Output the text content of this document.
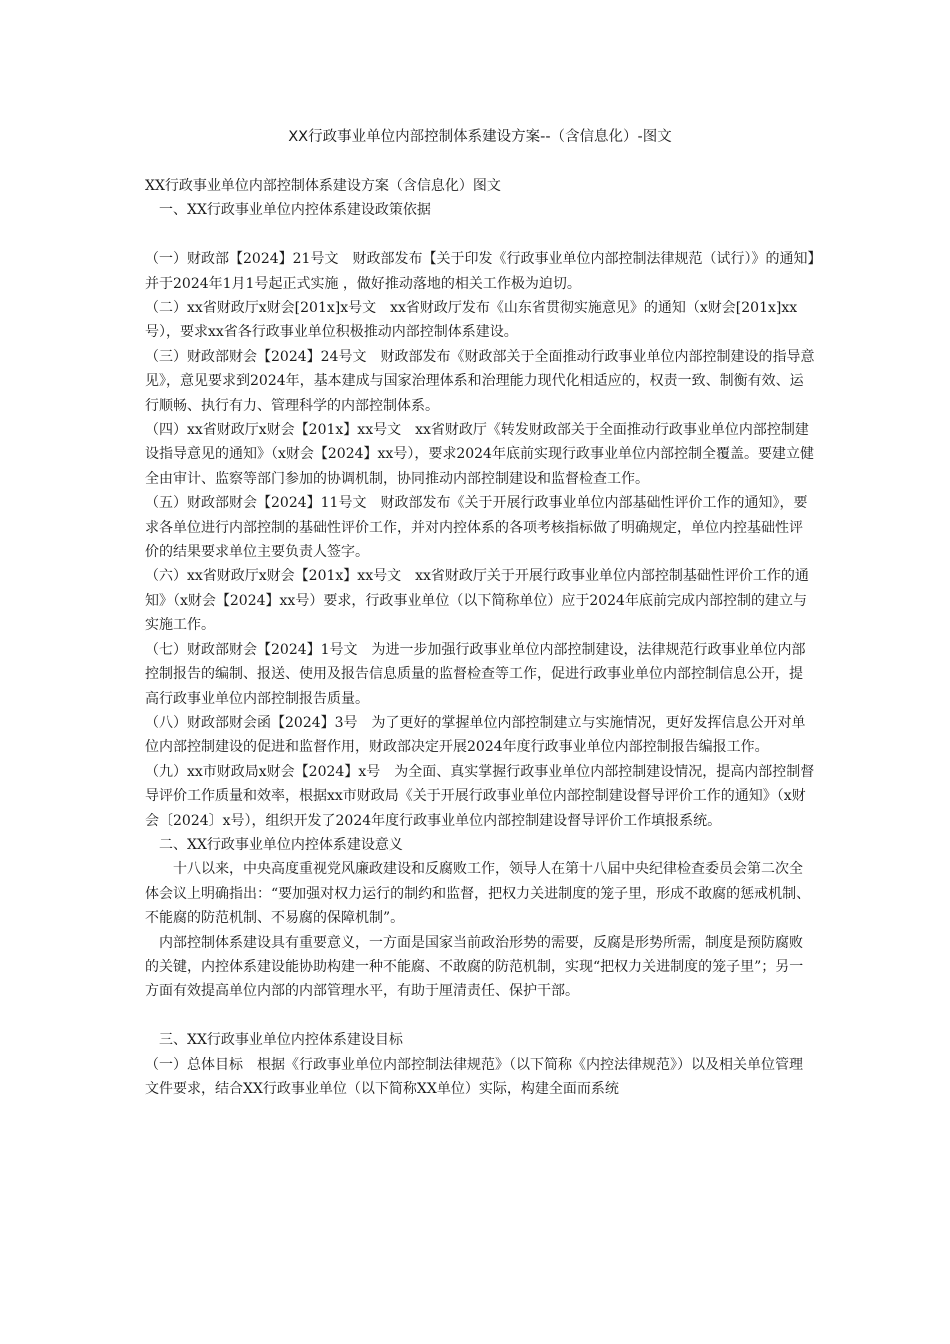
XX行政事业单位内部控制体系建设方案--（含信息化）-图文

XX行政事业单位内部控制体系建设方案（含信息化）图文

一、XX行政事业单位内控体系建设政策依据

（一）财政部【2024】21号文　财政部发布【关于印发《行政事业单位内部控制法律规范（试行）》的通知】并于2024年1月1号起正式实施 ，做好推动落地的相关工作极为迫切。

（二）xx省财政厅x财会[201x]x号文　xx省财政厅发布《山东省贯彻实施意见》的通知（x财会[201x]xx号），要求xx省各行政事业单位积极推动内部控制体系建设。

（三）财政部财会【2024】24号文　财政部发布《财政部关于全面推动行政事业单位内部控制建设的指导意见》，意见要求到2024年，基本建成与国家治理体系和治理能力现代化相适应的，权责一致、制衡有效、运行顺畅、执行有力、管理科学的内部控制体系。

（四）xx省财政厅x财会【201x】xx号文　xx省财政厅《转发财政部关于全面推动行政事业单位内部控制建设指导意见的通知》（x财会【2024】xx号），要求2024年底前实现行政事业单位内部控制全覆盖。要建立健全由审计、监察等部门参加的协调机制，协同推动内部控制建设和监督检查工作。

（五）财政部财会【2024】11号文　财政部发布《关于开展行政事业单位内部基础性评价工作的通知》，要求各单位进行内部控制的基础性评价工作，并对内控体系的各项考核指标做了明确规定，单位内控基础性评价的结果要求单位主要负责人签字。

（六）xx省财政厅x财会【201x】xx号文　xx省财政厅关于开展行政事业单位内部控制基础性评价工作的通知》（x财会【2024】xx号）要求，行政事业单位（以下简称单位）应于2024年底前完成内部控制的建立与实施工作。

（七）财政部财会【2024】1号文　为进一步加强行政事业单位内部控制建设，法律规范行政事业单位内部控制报告的编制、报送、使用及报告信息质量的监督检查等工作，促进行政事业单位内部控制信息公开，提高行政事业单位内部控制报告质量。

（八）财政部财会函【2024】3号　为了更好的掌握单位内部控制建立与实施情况，更好发挥信息公开对单位内部控制建设的促进和监督作用，财政部决定开展2024年度行政事业单位内部控制报告编报工作。

（九）xx市财政局x财会【2024】x号　为全面、真实掌握行政事业单位内部控制建设情况，提高内部控制督导评价工作质量和效率，根据xx市财政局《关于开展行政事业单位内部控制建设督导评价工作的通知》（x财会〔2024〕x号），组织开发了2024年度行政事业单位内部控制建设督导评价工作填报系统。

二、XX行政事业单位内控体系建设意义

十八以来，中央高度重视党风廉政建设和反腐败工作，领导人在第十八届中央纪律检查委员会第二次全体会议上明确指出：“要加强对权力运行的制约和监督，把权力关进制度的笼子里，形成不敢腐的惩戒机制、不能腐的防范机制、不易腐的保障机制”。

内部控制体系建设具有重要意义，一方面是国家当前政治形势的需要，反腐是形势所需，制度是预防腐败的关键，内控体系建设能协助构建一种不能腐、不敢腐的防范机制，实现“把权力关进制度的笼子里”；另一方面有效提高单位内部的内部管理水平，有助于厘清责任、保护干部。

三、XX行政事业单位内控体系建设目标

（一）总体目标　根据《行政事业单位内部控制法律规范》（以下简称《内控法律规范》）以及相关单位管理文件要求，结合XX行政事业单位（以下简称XX单位）实际，构建全面而系统
